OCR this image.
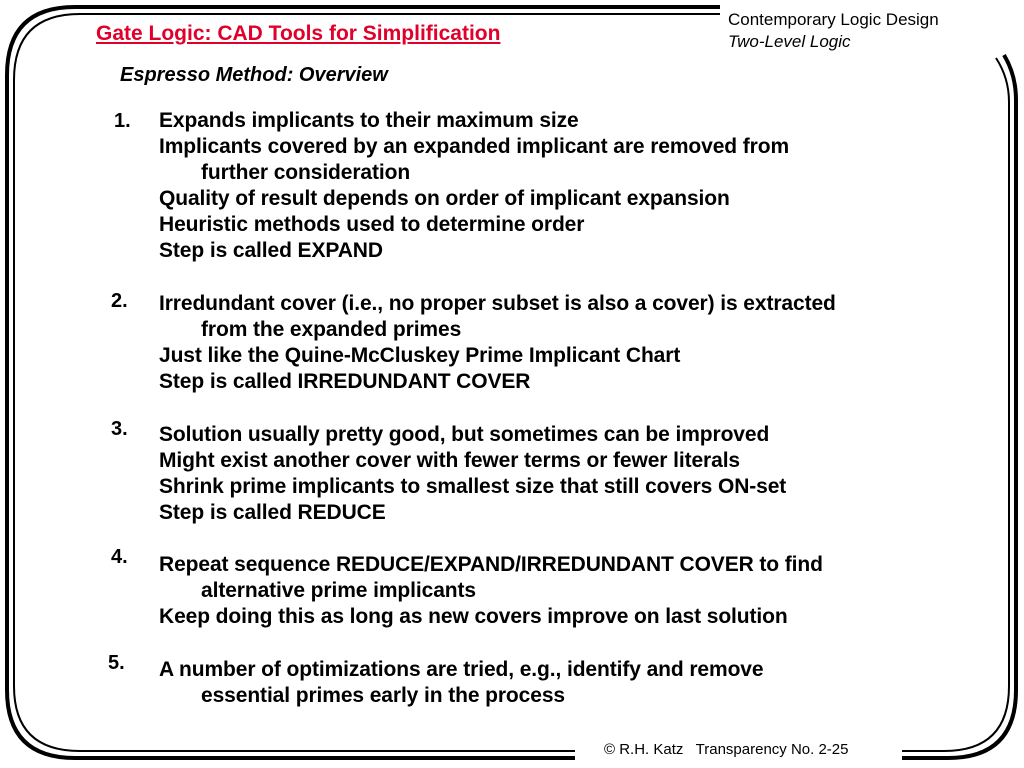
Gate Logic: CAD Tools for Simplification
Contemporary Logic Design
Two-Level Logic
Espresso Method: Overview
1. Expands implicants to their maximum size
Implicants covered by an expanded implicant are removed from
further consideration
Quality of result depends on order of implicant expansion
Heuristic methods used to determine order
Step is called EXPAND
2. Irredundant cover (i.e., no proper subset is also a cover) is extracted
from the expanded primes
Just like the Quine-McCluskey Prime Implicant Chart
Step is called IRREDUNDANT COVER
3. Solution usually pretty good, but sometimes can be improved
Might exist another cover with fewer terms or fewer literals
Shrink prime implicants to smallest size that still covers ON-set
Step is called REDUCE
4. Repeat sequence REDUCE/EXPAND/IRREDUNDANT COVER to find
alternative prime implicants
Keep doing this as long as new covers improve on last solution
5. A number of optimizations are tried, e.g., identify and remove
essential primes early in the process
© R.H. Katz Transparency No. 2-25
